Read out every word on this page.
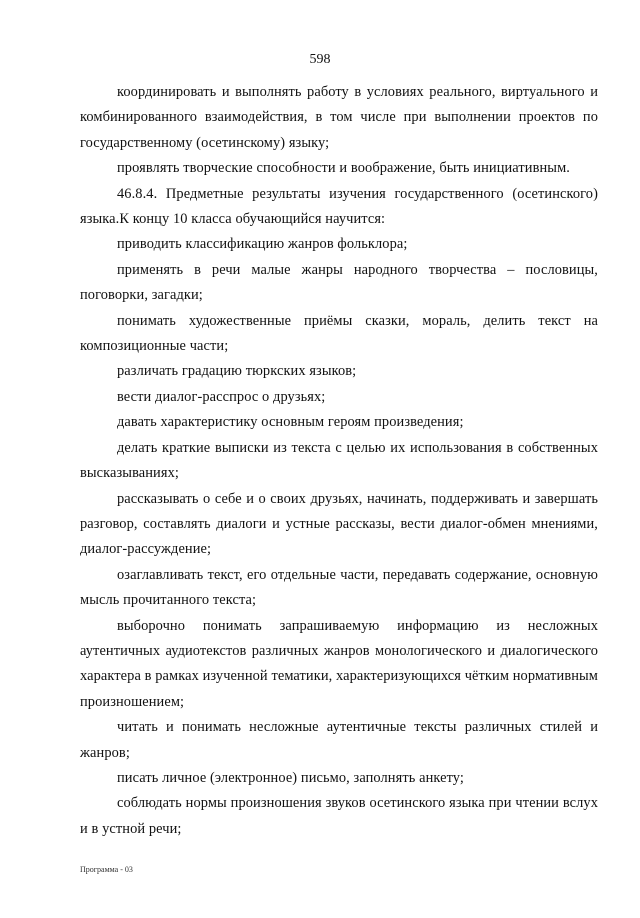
598

координировать и выполнять работу в условиях реального, виртуального и комбинированного взаимодействия, в том числе при выполнении проектов по государственному (осетинскому) языку;

проявлять творческие способности и воображение, быть инициативным.

46.8.4. Предметные результаты изучения государственного (осетинского) языка.К концу 10 класса обучающийся научится:

приводить классификацию жанров фольклора;

применять в речи малые жанры народного творчества – пословицы, поговорки, загадки;

понимать художественные приёмы сказки, мораль, делить текст на композиционные части;

различать градацию тюркских языков;

вести диалог-расспрос о друзьях;

давать характеристику основным героям произведения;

делать краткие выписки из текста с целью их использования в собственных высказываниях;

рассказывать о себе и о своих друзьях, начинать, поддерживать и завершать разговор, составлять диалоги и устные рассказы, вести диалог-обмен мнениями, диалог-рассуждение;

озаглавливать текст, его отдельные части, передавать содержание, основную мысль прочитанного текста;

выборочно понимать запрашиваемую информацию из несложных аутентичных аудиотекстов различных жанров монологического и диалогического характера в рамках изученной тематики, характеризующихся чётким нормативным произношением;

читать и понимать несложные аутентичные тексты различных стилей и жанров;

писать личное (электронное) письмо, заполнять анкету;

соблюдать нормы произношения звуков осетинского языка при чтении вслух и в устной речи;

Программа - 03
